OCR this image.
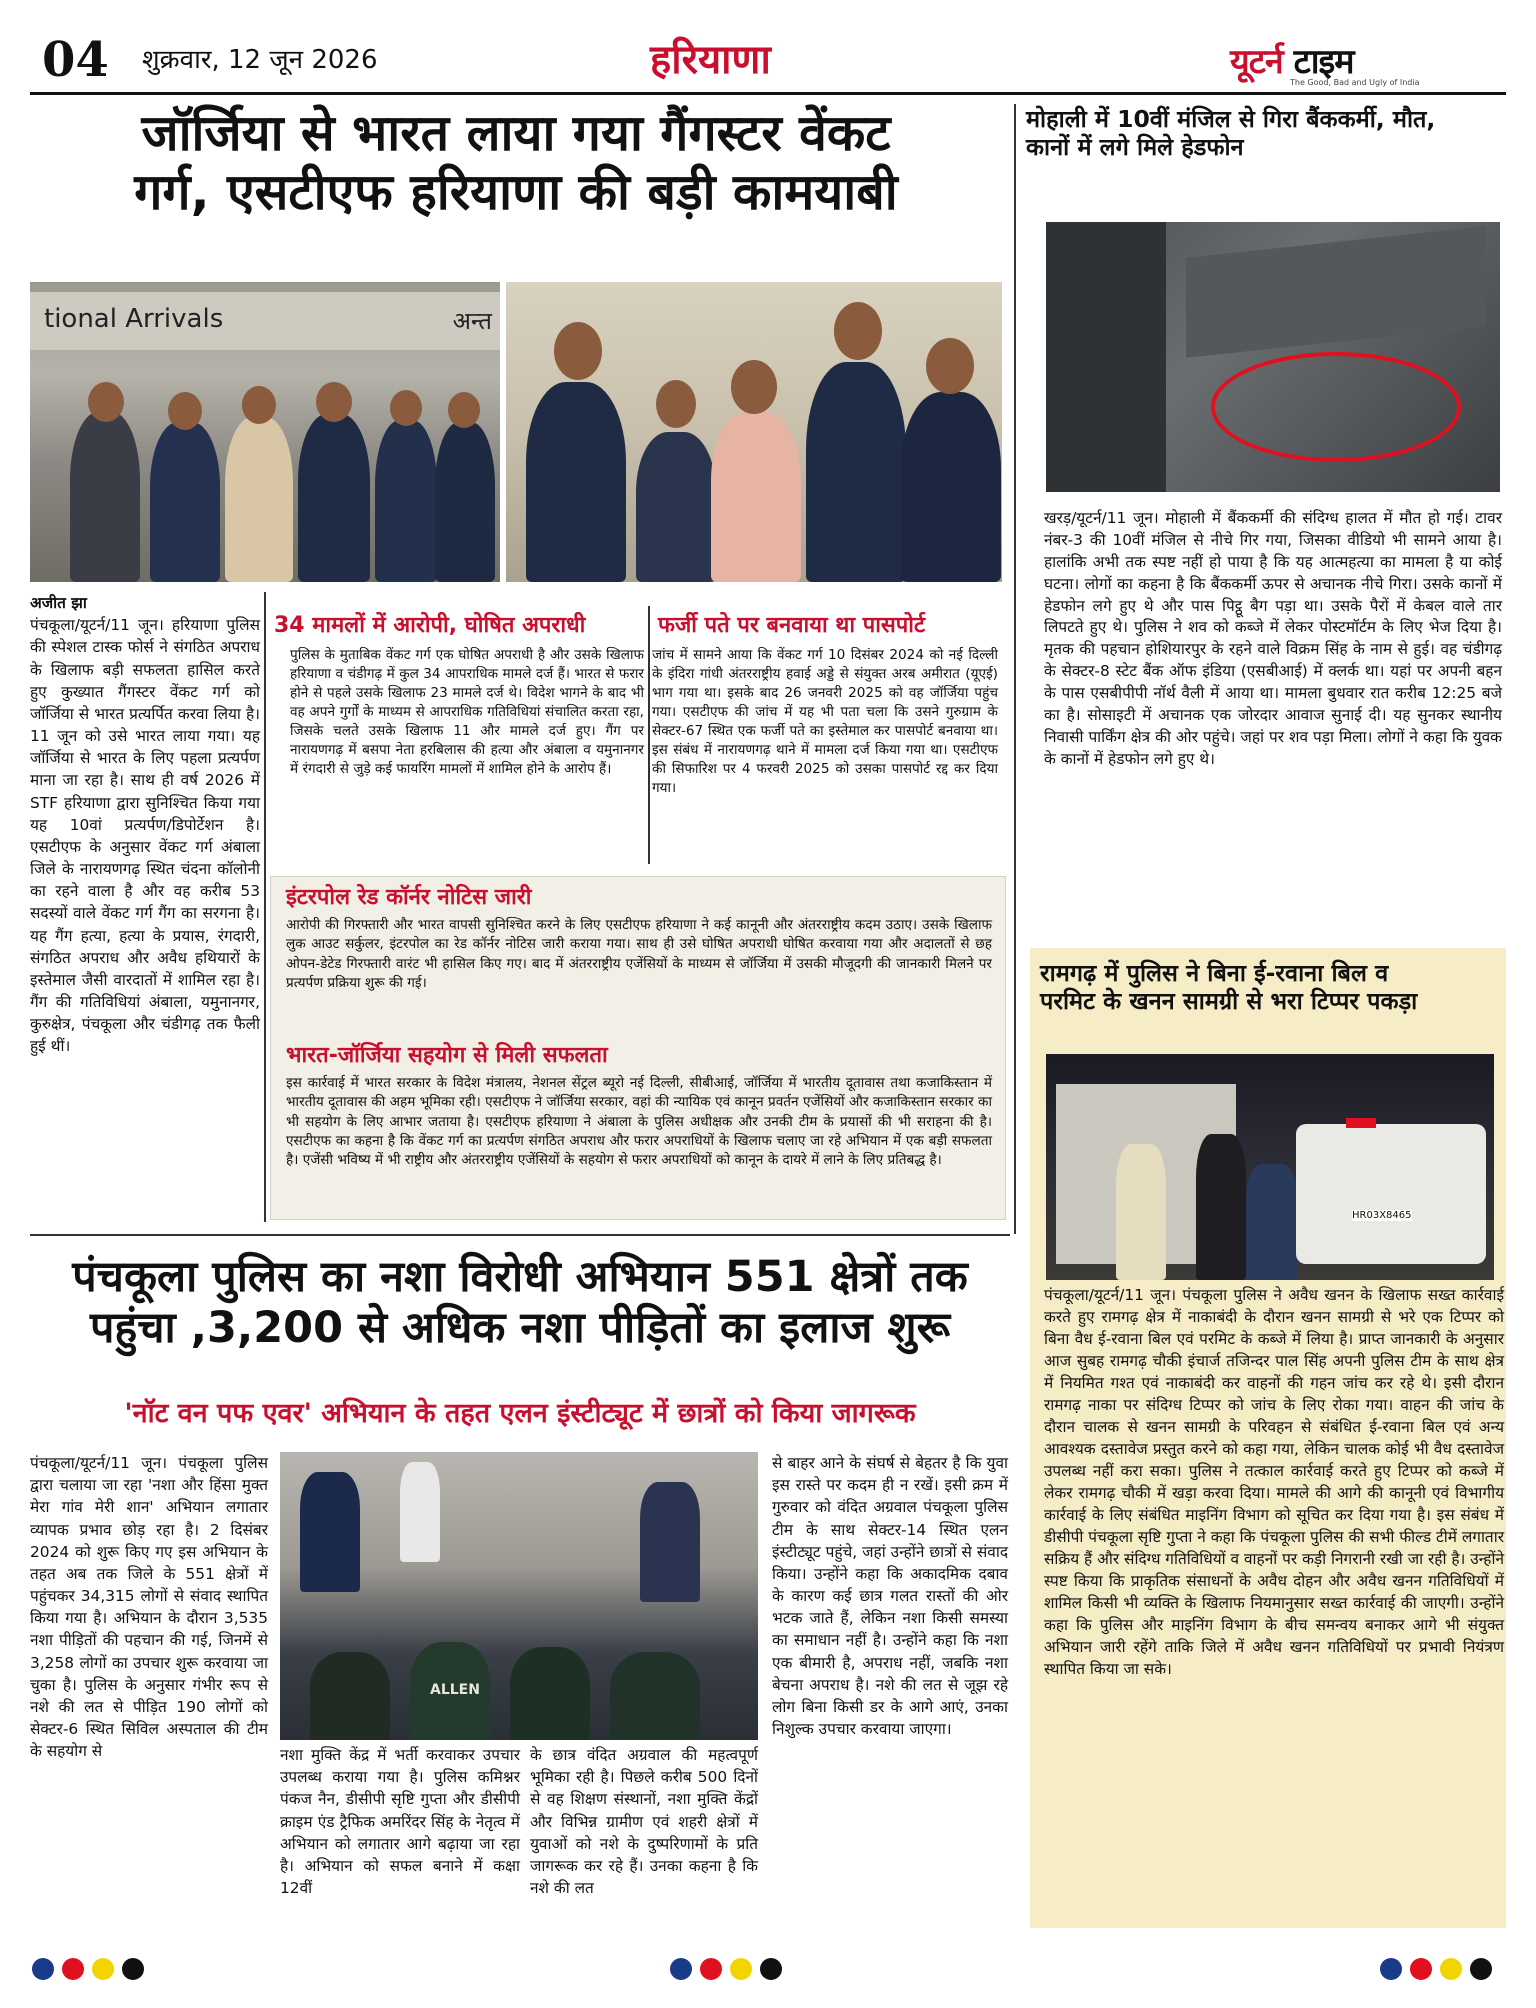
04 शुक्रवार, 12 जून 2026	हरियाणा	यूटर्न टाइम
The Good, Bad and Ugly of India
जॉर्जिया से भारत लाया गया गैंगस्टर वेंकट
गर्ग, एसटीएफ हरियाणा की बड़ी कामयाबी
tional Arrivals	अन्त
अजीत झा
पंचकूला/यूटर्न/11 जून। हरियाणा पुलिस की स्पेशल टास्क फोर्स ने संगठित अपराध के खिलाफ बड़ी सफलता हासिल करते हुए कुख्यात गैंगस्टर वेंकट गर्ग को जॉर्जिया से भारत प्रत्यर्पित करवा लिया है। 11 जून को उसे भारत लाया गया। यह जॉर्जिया से भारत के लिए पहला प्रत्यर्पण माना जा रहा है। साथ ही वर्ष 2026 में STF हरियाणा द्वारा सुनिश्चित किया गया यह 10वां प्रत्यर्पण/डिपोर्टेशन है। एसटीएफ के अनुसार वेंकट गर्ग अंबाला जिले के नारायणगढ़ स्थित चंदना कॉलोनी का रहने वाला है और वह करीब 53 सदस्यों वाले वेंकट गर्ग गैंग का सरगना है। यह गैंग हत्या, हत्या के प्रयास, रंगदारी, संगठित अपराध और अवैध हथियारों के इस्तेमाल जैसी वारदातों में शामिल रहा है। गैंग की गतिविधियां अंबाला, यमुनानगर, कुरुक्षेत्र, पंचकूला और चंडीगढ़ तक फैली हुई थीं।
34 मामलों में आरोपी, घोषित अपराधी
पुलिस के मुताबिक वेंकट गर्ग एक घोषित अपराधी है और उसके खिलाफ हरियाणा व चंडीगढ़ में कुल 34 आपराधिक मामले दर्ज हैं। भारत से फरार होने से पहले उसके खिलाफ 23 मामले दर्ज थे। विदेश भागने के बाद भी वह अपने गुर्गों के माध्यम से आपराधिक गतिविधियां संचालित करता रहा, जिसके चलते उसके खिलाफ 11 और मामले दर्ज हुए। गैंग पर नारायणगढ़ में बसपा नेता हरबिलास की हत्या और अंबाला व यमुनानगर में रंगदारी से जुड़े कई फायरिंग मामलों में शामिल होने के आरोप हैं।
फर्जी पते पर बनवाया था पासपोर्ट
जांच में सामने आया कि वेंकट गर्ग 10 दिसंबर 2024 को नई दिल्ली के इंदिरा गांधी अंतरराष्ट्रीय हवाई अड्डे से संयुक्त अरब अमीरात (यूएई) भाग गया था। इसके बाद 26 जनवरी 2025 को वह जॉर्जिया पहुंच गया। एसटीएफ की जांच में यह भी पता चला कि उसने गुरुग्राम के सेक्टर-67 स्थित एक फर्जी पते का इस्तेमाल कर पासपोर्ट बनवाया था। इस संबंध में नारायणगढ़ थाने में मामला दर्ज किया गया था। एसटीएफ की सिफारिश पर 4 फरवरी 2025 को उसका पासपोर्ट रद्द कर दिया गया।
इंटरपोल रेड कॉर्नर नोटिस जारी
आरोपी की गिरफ्तारी और भारत वापसी सुनिश्चित करने के लिए एसटीएफ हरियाणा ने कई कानूनी और अंतरराष्ट्रीय कदम उठाए। उसके खिलाफ लुक आउट सर्कुलर, इंटरपोल का रेड कॉर्नर नोटिस जारी कराया गया। साथ ही उसे घोषित अपराधी घोषित करवाया गया और अदालतों से छह ओपन-डेटेड गिरफ्तारी वारंट भी हासिल किए गए। बाद में अंतरराष्ट्रीय एजेंसियों के माध्यम से जॉर्जिया में उसकी मौजूदगी की जानकारी मिलने पर प्रत्यर्पण प्रक्रिया शुरू की गई।
भारत-जॉर्जिया सहयोग से मिली सफलता
इस कार्रवाई में भारत सरकार के विदेश मंत्रालय, नेशनल सेंट्रल ब्यूरो नई दिल्ली, सीबीआई, जॉर्जिया में भारतीय दूतावास तथा कजाकिस्तान में भारतीय दूतावास की अहम भूमिका रही। एसटीएफ ने जॉर्जिया सरकार, वहां की न्यायिक एवं कानून प्रवर्तन एजेंसियों और कजाकिस्तान सरकार का भी सहयोग के लिए आभार जताया है। एसटीएफ हरियाणा ने अंबाला के पुलिस अधीक्षक और उनकी टीम के प्रयासों की भी सराहना की है। एसटीएफ का कहना है कि वेंकट गर्ग का प्रत्यर्पण संगठित अपराध और फरार अपराधियों के खिलाफ चलाए जा रहे अभियान में एक बड़ी सफलता है। एजेंसी भविष्य में भी राष्ट्रीय और अंतरराष्ट्रीय एजेंसियों के सहयोग से फरार अपराधियों को कानून के दायरे में लाने के लिए प्रतिबद्ध है।
मोहाली में 10वीं मंजिल से गिरा बैंककर्मी, मौत,
कानों में लगे मिले हेडफोन
खरड़/यूटर्न/11 जून। मोहाली में बैंककर्मी की संदिग्ध हालत में मौत हो गई। टावर नंबर-3 की 10वीं मंजिल से नीचे गिर गया, जिसका वीडियो भी सामने आया है। हालांकि अभी तक स्पष्ट नहीं हो पाया है कि यह आत्महत्या का मामला है या कोई घटना। लोगों का कहना है कि बैंककर्मी ऊपर से अचानक नीचे गिरा। उसके कानों में हेडफोन लगे हुए थे और पास पिट्ठू बैग पड़ा था। उसके पैरों में केबल वाले तार लिपटते हुए थे। पुलिस ने शव को कब्जे में लेकर पोस्टमॉर्टम के लिए भेज दिया है। मृतक की पहचान होशियारपुर के रहने वाले विक्रम सिंह के नाम से हुई। वह चंडीगढ़ के सेक्टर-8 स्टेट बैंक ऑफ इंडिया (एसबीआई) में क्लर्क था। यहां पर अपनी बहन के पास एसबीपीपी नॉर्थ वैली में आया था। मामला बुधवार रात करीब 12:25 बजे का है। सोसाइटी में अचानक एक जोरदार आवाज सुनाई दी। यह सुनकर स्थानीय निवासी पार्किंग क्षेत्र की ओर पहुंचे। जहां पर शव पड़ा मिला। लोगों ने कहा कि युवक के कानों में हेडफोन लगे हुए थे।
रामगढ़ में पुलिस ने बिना ई-रवाना बिल व
परमिट के खनन सामग्री से भरा टिप्पर पकड़ा
HR03X8465
पंचकूला/यूटर्न/11 जून। पंचकूला पुलिस ने अवैध खनन के खिलाफ सख्त कार्रवाई करते हुए रामगढ़ क्षेत्र में नाकाबंदी के दौरान खनन सामग्री से भरे एक टिप्पर को बिना वैध ई-रवाना बिल एवं परमिट के कब्जे में लिया है। प्राप्त जानकारी के अनुसार आज सुबह रामगढ़ चौकी इंचार्ज तजिन्दर पाल सिंह अपनी पुलिस टीम के साथ क्षेत्र में नियमित गश्त एवं नाकाबंदी कर वाहनों की गहन जांच कर रहे थे। इसी दौरान रामगढ़ नाका पर संदिग्ध टिप्पर को जांच के लिए रोका गया। वाहन की जांच के दौरान चालक से खनन सामग्री के परिवहन से संबंधित ई-रवाना बिल एवं अन्य आवश्यक दस्तावेज प्रस्तुत करने को कहा गया, लेकिन चालक कोई भी वैध दस्तावेज उपलब्ध नहीं करा सका। पुलिस ने तत्काल कार्रवाई करते हुए टिप्पर को कब्जे में लेकर रामगढ़ चौकी में खड़ा करवा दिया। मामले की आगे की कानूनी एवं विभागीय कार्रवाई के लिए संबंधित माइनिंग विभाग को सूचित कर दिया गया है। इस संबंध में डीसीपी पंचकूला सृष्टि गुप्ता ने कहा कि पंचकूला पुलिस की सभी फील्ड टीमें लगातार सक्रिय हैं और संदिग्ध गतिविधियों व वाहनों पर कड़ी निगरानी रखी जा रही है। उन्होंने स्पष्ट किया कि प्राकृतिक संसाधनों के अवैध दोहन और अवैध खनन गतिविधियों में शामिल किसी भी व्यक्ति के खिलाफ नियमानुसार सख्त कार्रवाई की जाएगी। उन्होंने कहा कि पुलिस और माइनिंग विभाग के बीच समन्वय बनाकर आगे भी संयुक्त अभियान जारी रहेंगे ताकि जिले में अवैध खनन गतिविधियों पर प्रभावी नियंत्रण स्थापित किया जा सके।
पंचकूला पुलिस का नशा विरोधी अभियान 551 क्षेत्रों तक
पहुंचा ,3,200 से अधिक नशा पीड़ितों का इलाज शुरू
'नॉट वन पफ एवर' अभियान के तहत एलन इंस्टीट्यूट में छात्रों को किया जागरूक
पंचकूला/यूटर्न/11 जून। पंचकूला पुलिस द्वारा चलाया जा रहा 'नशा और हिंसा मुक्त मेरा गांव मेरी शान' अभियान लगातार व्यापक प्रभाव छोड़ रहा है। 2 दिसंबर 2024 को शुरू किए गए इस अभियान के तहत अब तक जिले के 551 क्षेत्रों में पहुंचकर 34,315 लोगों से संवाद स्थापित किया गया है। अभियान के दौरान 3,535 नशा पीड़ितों की पहचान की गई, जिनमें से 3,258 लोगों का उपचार शुरू करवाया जा चुका है। पुलिस के अनुसार गंभीर रूप से नशे की लत से पीड़ित 190 लोगों को सेक्टर-6 स्थित सिविल अस्पताल की टीम के सहयोग से
ALLEN
नशा मुक्ति केंद्र में भर्ती करवाकर उपचार उपलब्ध कराया गया है। पुलिस कमिश्नर पंकज नैन, डीसीपी सृष्टि गुप्ता और डीसीपी क्राइम एंड ट्रैफिक अमरिंदर सिंह के नेतृत्व में अभियान को लगातार आगे बढ़ाया जा रहा है। अभियान को सफल बनाने में कक्षा 12वीं
के छात्र वंदित अग्रवाल की महत्वपूर्ण भूमिका रही है। पिछले करीब 500 दिनों से वह शिक्षण संस्थानों, नशा मुक्ति केंद्रों और विभिन्न ग्रामीण एवं शहरी क्षेत्रों में युवाओं को नशे के दुष्परिणामों के प्रति जागरूक कर रहे हैं। उनका कहना है कि नशे की लत
से बाहर आने के संघर्ष से बेहतर है कि युवा इस रास्ते पर कदम ही न रखें। इसी क्रम में गुरुवार को वंदित अग्रवाल पंचकूला पुलिस टीम के साथ सेक्टर-14 स्थित एलन इंस्टीट्यूट पहुंचे, जहां उन्होंने छात्रों से संवाद किया। उन्होंने कहा कि अकादमिक दबाव के कारण कई छात्र गलत रास्तों की ओर भटक जाते हैं, लेकिन नशा किसी समस्या का समाधान नहीं है। उन्होंने कहा कि नशा एक बीमारी है, अपराध नहीं, जबकि नशा बेचना अपराध है। नशे की लत से जूझ रहे लोग बिना किसी डर के आगे आएं, उनका निशुल्क उपचार करवाया जाएगा।
